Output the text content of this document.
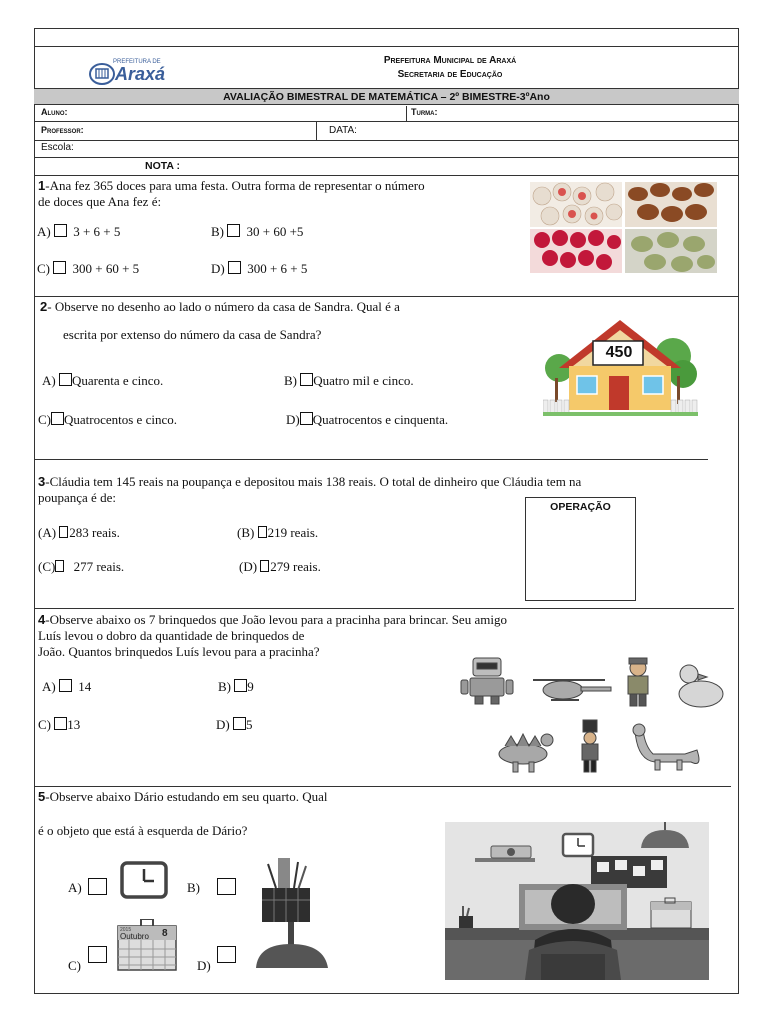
AVALIAÇÃO BIMESTRAL DE MATEMÁTICA – 2º BIMESTRE-3ºAno
PREFEITURA DE
Araxá
Prefeitura Municipal de Araxá
Secretaria de Educação
Aluno:	Turma:
Professor:	DATA:
Escola:
NOTA :
1-Ana fez 365 doces para uma festa. Outra forma de representar o número
de doces que Ana fez é:
A) 3 + 6 + 5	B) 30 + 60 +5
C) 300 + 60 + 5	D) 300 + 6 + 5
2- Observe no desenho ao lado o número da casa de Sandra. Qual é a
escrita por extenso do número da casa de Sandra?
A) Quarenta e cinco.	B) Quatro mil e cinco.
C) Quatrocentos e cinco.	D) Quatrocentos e cinquenta.
450
3-Cláudia tem 145 reais na poupança e depositou mais 138 reais. O total de dinheiro que Cláudia tem na
poupança é de:
OPERAÇÃO
(A) 283 reais.	(B) 219 reais.
(C) 277 reais.	(D) 279 reais.
4-Observe abaixo os 7 brinquedos que João levou para a pracinha para brincar. Seu amigo
Luís levou o dobro da quantidade de brinquedos de
João. Quantos brinquedos Luís levou para a pracinha?
A) 14	B) 9
C) 13	D) 5
5-Observe abaixo Dário estudando em seu quarto. Qual
é o objeto que está à esquerda de Dário?
A)	B)
C)
2015
Outubro 8
D)
